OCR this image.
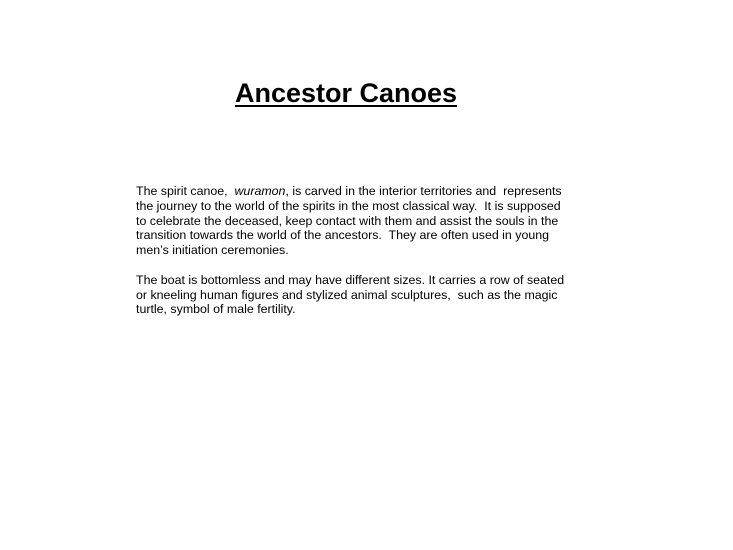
Ancestor Canoes

The spirit canoe,  wuramon, is carved in the interior territories and  represents
the journey to the world of the spirits in the most classical way.  It is supposed
to celebrate the deceased, keep contact with them and assist the souls in the
transition towards the world of the ancestors.  They are often used in young
men’s initiation ceremonies.

The boat is bottomless and may have different sizes. It carries a row of seated
or kneeling human figures and stylized animal sculptures,  such as the magic
turtle, symbol of male fertility.
